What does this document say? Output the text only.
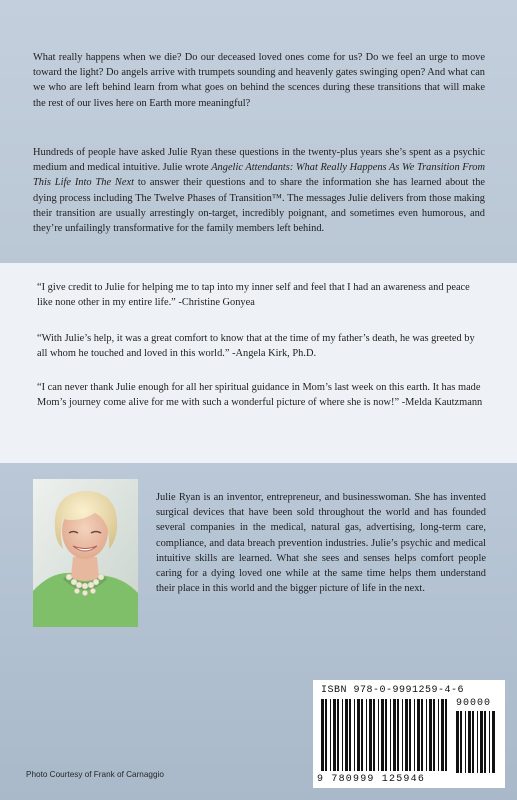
What really happens when we die? Do our deceased loved ones come for us? Do we feel an urge to move toward the light? Do angels arrive with trumpets sounding and heavenly gates swinging open? And what can we who are left behind learn from what goes on behind the scences during these transitions that will make the rest of our lives here on Earth more meaningful?

Hundreds of people have asked Julie Ryan these questions in the twenty-plus years she’s spent as a psychic medium and medical intuitive. Julie wrote Angelic Attendants: What Really Happens As We Transition From This Life Into The Next to answer their questions and to share the information she has learned about the dying process including The Twelve Phases of Transition™. The messages Julie delivers from those making their transition are usually arrestingly on-target, incredibly poignant, and sometimes even humorous, and they’re unfailingly transformative for the family members left behind.

“I give credit to Julie for helping me to tap into my inner self and feel that I had an awareness and peace like none other in my entire life.” -Christine Gonyea

“With Julie’s help, it was a great comfort to know that at the time of my father’s death, he was greeted by all whom he touched and loved in this world.” -Angela Kirk, Ph.D.

“I can never thank Julie enough for all her spiritual guidance in Mom’s last week on this earth. It has made Mom’s journey come alive for me with such a wonderful picture of where she is now!” -Melda Kautzmann

Julie Ryan is an inventor, entrepreneur, and businesswoman. She has invented surgical devices that have been sold throughout the world and has founded several companies in the medical, natural gas, advertising, long-term care, compliance, and data breach prevention industries. Julie’s psychic and medical intuitive skills are learned. What she sees and senses helps comfort people caring for a dying loved one while at the same time helps them understand their place in this world and the bigger picture of life in the next.

Photo Courtesy of Frank of Carnaggio
ISBN 978-0-9991259-4-6
90000
9 780999 125946
